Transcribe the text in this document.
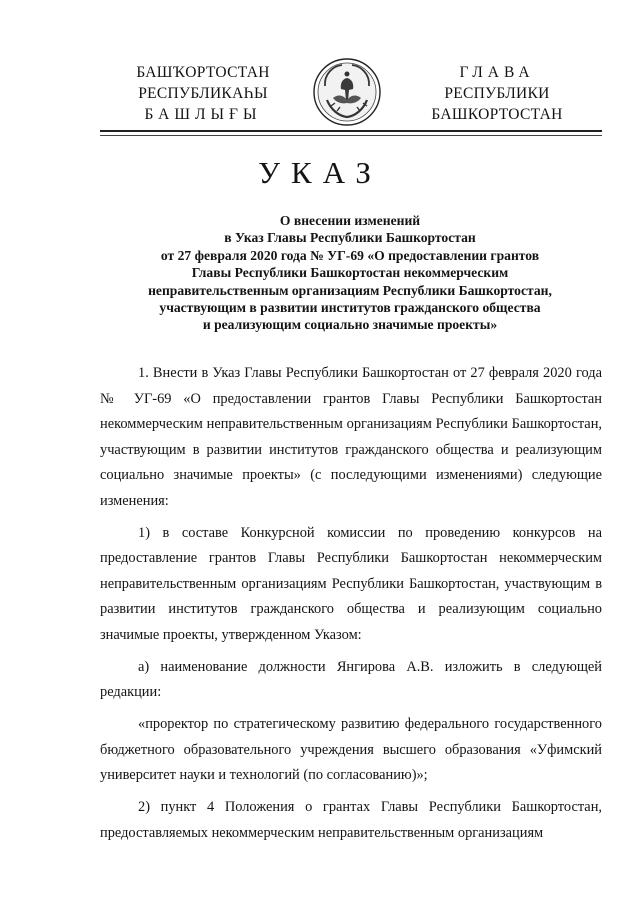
БАШҠОРТОСТАН
РЕСПУБЛИКАҺЫ
БАШЛЫҒЫ
ГЛАВА
РЕСПУБЛИКИ
БАШКОРТОСТАН
УКАЗ
О внесении изменений
в Указ Главы Республики Башкортостан
от 27 февраля 2020 года № УГ-69 «О предоставлении грантов
Главы Республики Башкортостан некоммерческим
неправительственным организациям Республики Башкортостан,
участвующим в развитии институтов гражданского общества
и реализующим социально значимые проекты»

1. Внести в Указ Главы Республики Башкортостан от 27 февраля 2020 года № УГ-69 «О предоставлении грантов Главы Республики Башкортостан некоммерческим неправительственным организациям Республики Башкортостан, участвующим в развитии институтов гражданского общества и реализующим социально значимые проекты» (с последующими изменениями) следующие изменения:

1) в составе Конкурсной комиссии по проведению конкурсов на предоставление грантов Главы Республики Башкортостан некоммерческим неправительственным организациям Республики Башкортостан, участвующим в развитии институтов гражданского общества и реализующим социально значимые проекты, утвержденном Указом:

а) наименование должности Янгирова А.В. изложить в следующей редакции:

«проректор по стратегическому развитию федерального государственного бюджетного образовательного учреждения высшего образования «Уфимский университет науки и технологий (по согласованию)»;

2) пункт 4 Положения о грантах Главы Республики Башкортостан, предоставляемых некоммерческим неправительственным организациям
